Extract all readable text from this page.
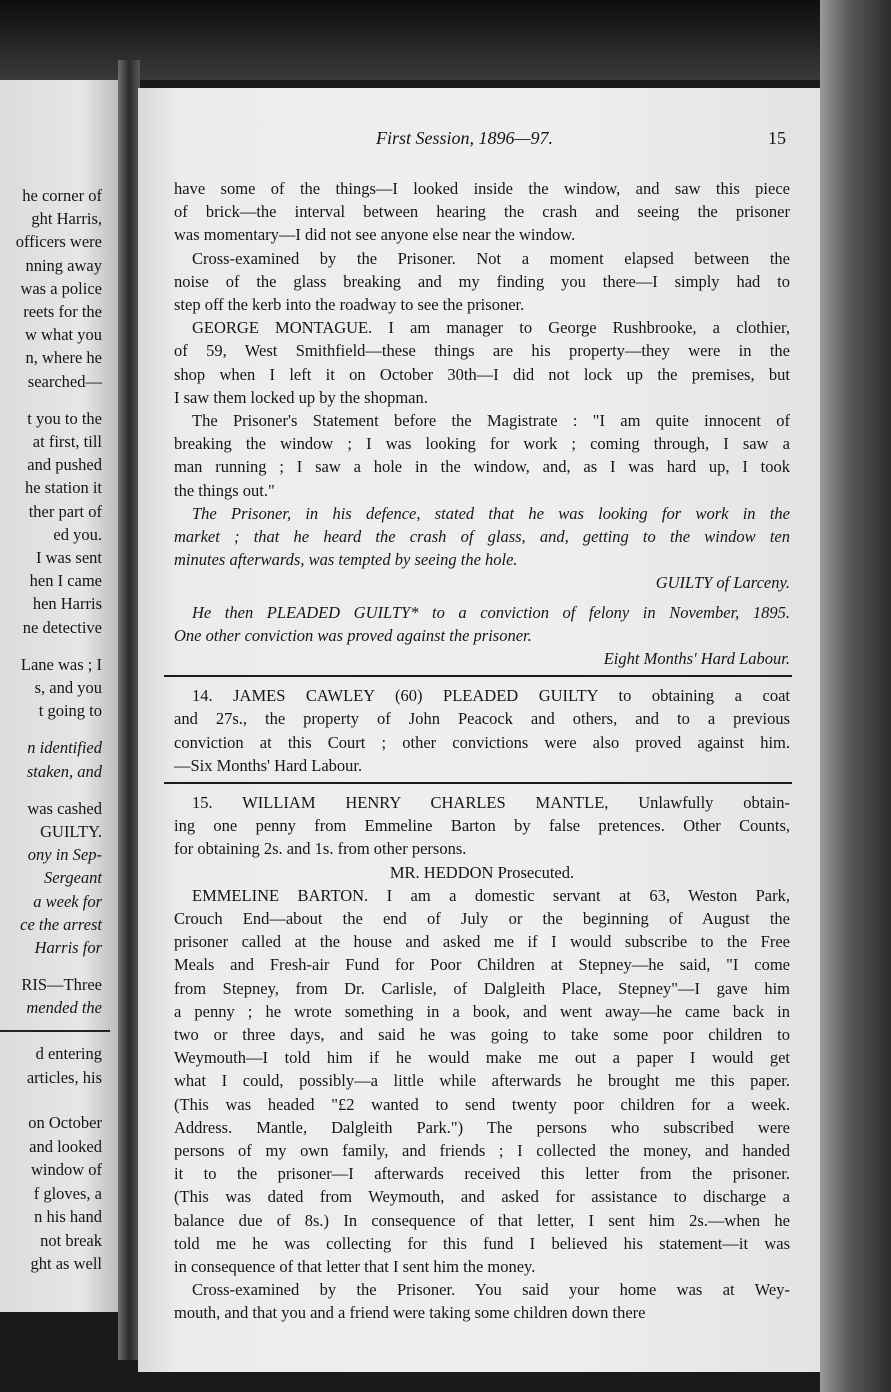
he corner of
ght Harris,
officers were
nning away
was a police
reets for the
w what you
n, where he
searched—
t you to the
at first, till
and pushed
he station it
ther part of
ed you.
I was sent
hen I came
hen Harris
ne detective
Lane was ; I
s, and you
t going to
n identified
staken, and
was cashed
GUILTY.
ony in Sep-
Sergeant
a week for
ce the arrest
Harris for
RIS—Three
mended the
d entering
articles, his
on October
and looked
window of
f gloves, a
n his hand
not break
ght as well
First Session, 1896—97.	15
have some of the things—I looked inside the window, and saw this piece
of brick—the interval between hearing the crash and seeing the prisoner
was momentary—I did not see anyone else near the window.
Cross-examined by the Prisoner. Not a moment elapsed between the
noise of the glass breaking and my finding you there—I simply had to
step off the kerb into the roadway to see the prisoner.
GEORGE MONTAGUE. I am manager to George Rushbrooke, a clothier,
of 59, West Smithfield—these things are his property—they were in the
shop when I left it on October 30th—I did not lock up the premises, but
I saw them locked up by the shopman.
The Prisoner's Statement before the Magistrate : "I am quite innocent of
breaking the window ; I was looking for work ; coming through, I saw a
man running ; I saw a hole in the window, and, as I was hard up, I took
the things out."
The Prisoner, in his defence, stated that he was looking for work in the
market ; that he heard the crash of glass, and, getting to the window ten
minutes afterwards, was tempted by seeing the hole.
GUILTY of Larceny.
He then PLEADED GUILTY* to a conviction of felony in November, 1895.
One other conviction was proved against the prisoner.
Eight Months' Hard Labour.
14. JAMES CAWLEY (60) PLEADED GUILTY to obtaining a coat
and 27s., the property of John Peacock and others, and to a previous
conviction at this Court ; other convictions were also proved against him.
—Six Months' Hard Labour.
15. WILLIAM HENRY CHARLES MANTLE, Unlawfully obtain-
ing one penny from Emmeline Barton by false pretences. Other Counts,
for obtaining 2s. and 1s. from other persons.
MR. HEDDON Prosecuted.
EMMELINE BARTON. I am a domestic servant at 63, Weston Park,
Crouch End—about the end of July or the beginning of August the
prisoner called at the house and asked me if I would subscribe to the Free
Meals and Fresh-air Fund for Poor Children at Stepney—he said, "I come
from Stepney, from Dr. Carlisle, of Dalgleith Place, Stepney"—I gave him
a penny ; he wrote something in a book, and went away—he came back in
two or three days, and said he was going to take some poor children to
Weymouth—I told him if he would make me out a paper I would get
what I could, possibly—a little while afterwards he brought me this paper.
(This was headed "£2 wanted to send twenty poor children for a week.
Address. Mantle, Dalgleith Park.") The persons who subscribed were
persons of my own family, and friends ; I collected the money, and handed
it to the prisoner—I afterwards received this letter from the prisoner.
(This was dated from Weymouth, and asked for assistance to discharge a
balance due of 8s.) In consequence of that letter, I sent him 2s.—when he
told me he was collecting for this fund I believed his statement—it was
in consequence of that letter that I sent him the money.
Cross-examined by the Prisoner. You said your home was at Wey-
mouth, and that you and a friend were taking some children down there
